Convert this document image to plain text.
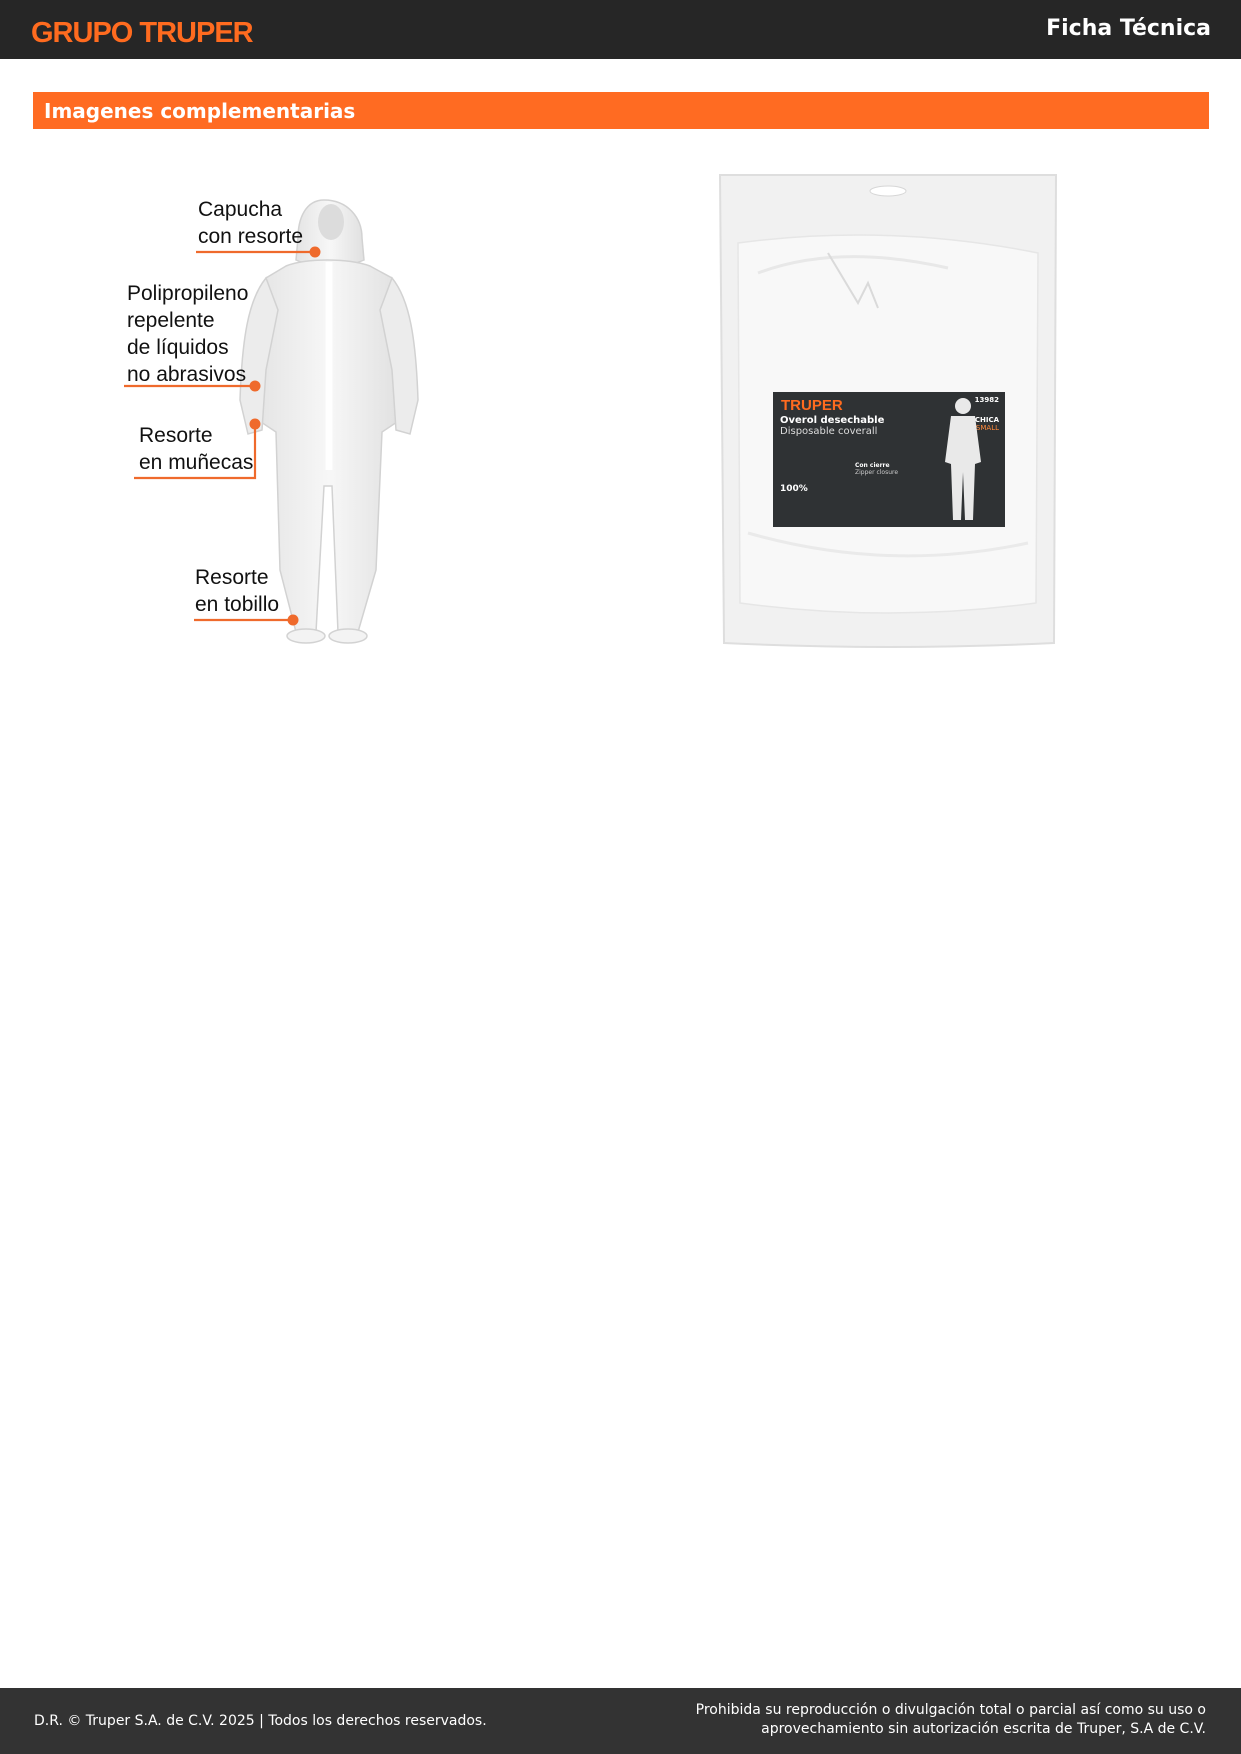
GRUPO TRUPER	Ficha Técnica
Imagenes complementarias
Capucha
con resorte
Polipropileno
repelente
de líquidos
no abrasivos
Resorte
en muñecas
Resorte
en tobillo
TRUPER	13982
CHICA
SMALL
Overol desechable
Disposable coverall
Con cierre
Zipper closure
100%
D.R. © Truper S.A. de C.V. 2025 | Todos los derechos reservados.
Prohibida su reproducción o divulgación total o parcial así como su uso o aprovechamiento sin autorización escrita de Truper, S.A de C.V.
